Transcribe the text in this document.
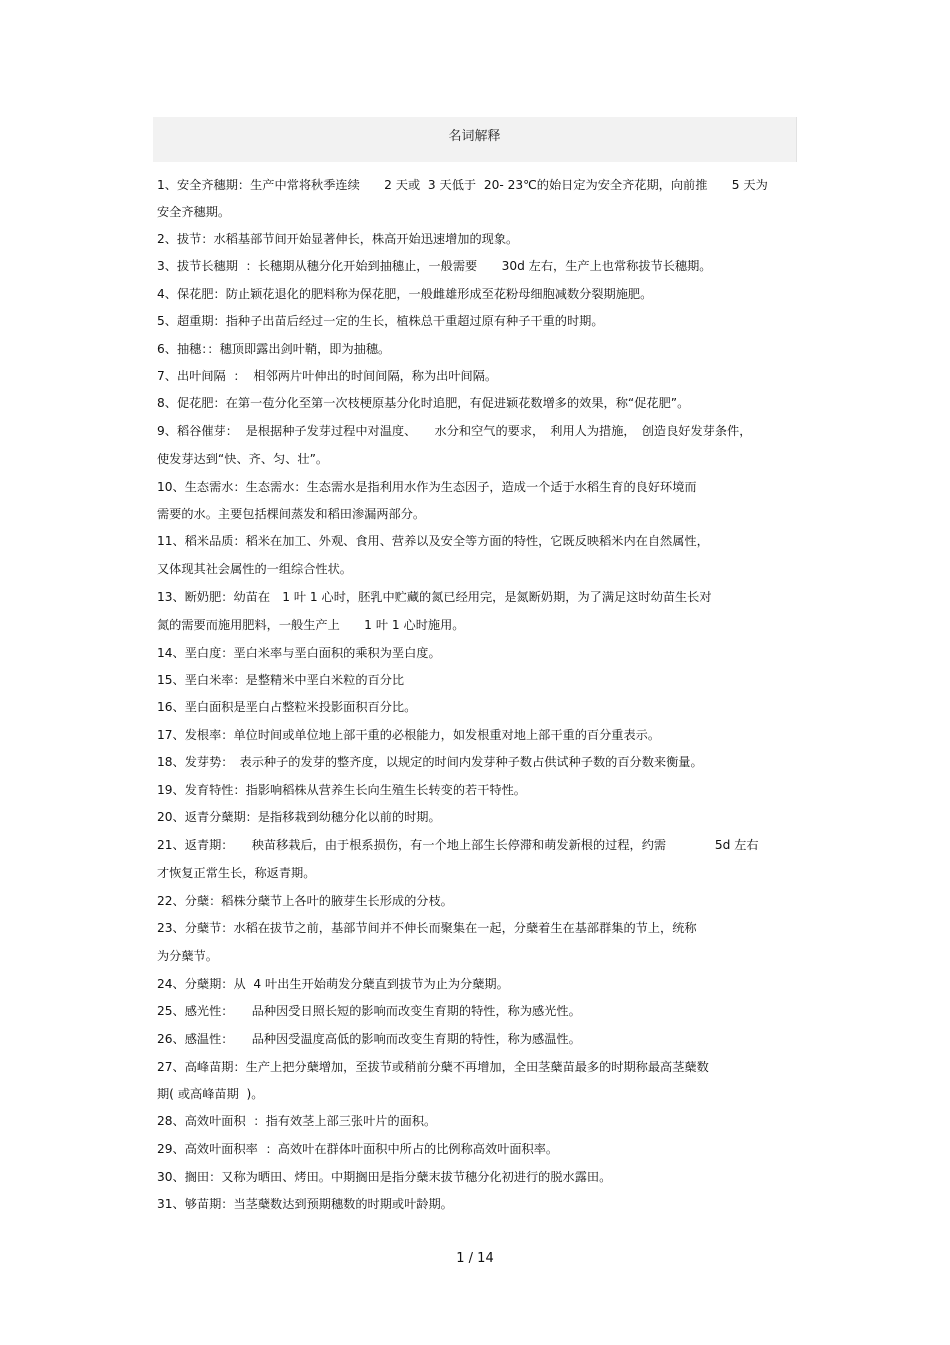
名词解释
1、安全齐穗期：生产中常将秋季连续　　2 天或  3 天低于  20- 23℃的始日定为安全齐花期，向前推　　5 天为
安全齐穗期。
2、拔节：水稻基部节间开始显著伸长，株高开始迅速增加的现象。
3、拔节长穗期  ：长穗期从穗分化开始到抽穗止，一般需要　　30d 左右，生产上也常称拔节长穗期。
4、保花肥：防止颖花退化的肥料称为保花肥，一般雌雄形成至花粉母细胞减数分裂期施肥。
5、超重期：指种子出苗后经过一定的生长，植株总干重超过原有种子干重的时期。
6、抽穗：：穗顶即露出剑叶鞘，即为抽穗。
7、出叶间隔  ：  相邻两片叶伸出的时间间隔，称为出叶间隔。
8、促花肥：在第一苞分化至第一次枝梗原基分化时追肥，有促进颖花数增多的效果，称“促花肥”。
9、稻谷催芽：  是根据种子发芽过程中对温度、　　水分和空气的要求，　利用人为措施，　创造良好发芽条件，
使发芽达到“快、齐、匀、壮”。
10、生态需水：生态需水：生态需水是指利用水作为生态因子，造成一个适于水稻生育的良好环境而
需要的水。主要包括棵间蒸发和稻田渗漏两部分。
11、稻米品质：稻米在加工、外观、食用、营养以及安全等方面的特性，它既反映稻米内在自然属性，
又体现其社会属性的一组综合性状。
13、断奶肥：幼苗在　1 叶 1 心时，胚乳中贮藏的氮已经用完，是氮断奶期，为了满足这时幼苗生长对
氮的需要而施用肥料，一般生产上　　1 叶 1 心时施用。
14、垩白度：垩白米率与垩白面积的乘积为垩白度。
15、垩白米率：是整精米中垩白米粒的百分比
16、垩白面积是垩白占整粒米投影面积百分比。
17、发根率：单位时间或单位地上部干重的必根能力，如发根重对地上部干重的百分重表示。
18、发芽势：　表示种子的发芽的整齐度，以规定的时间内发芽种子数占供试种子数的百分数来衡量。
19、发育特性：指影响稻株从营养生长向生殖生长转变的若干特性。
20、返青分蘖期：是指移栽到幼穗分化以前的时期。
21、返青期：　　秧苗移栽后，由于根系损伤，有一个地上部生长停滞和萌发新根的过程，约需　　　　5d 左右
才恢复正常生长，称返青期。
22、分蘖：稻株分蘖节上各叶的腋芽生长形成的分枝。
23、分蘖节：水稻在拔节之前，基部节间并不伸长而聚集在一起，分蘖着生在基部群集的节上，统称
为分蘖节。
24、分蘖期：从  4 叶出生开始萌发分蘖直到拔节为止为分蘖期。
25、感光性：　　品种因受日照长短的影响而改变生育期的特性，称为感光性。
26、感温性：　　品种因受温度高低的影响而改变生育期的特性，称为感温性。
27、高峰苗期：生产上把分蘖增加，至拔节或稍前分蘖不再增加，全田茎蘖苗最多的时期称最高茎蘖数
期( 或高峰苗期  )。
28、高效叶面积  ：指有效茎上部三张叶片的面积。
29、高效叶面积率  ：高效叶在群体叶面积中所占的比例称高效叶面积率。
30、搁田：又称为晒田、烤田。中期搁田是指分蘖末拔节穗分化初进行的脱水露田。
31、够苗期：当茎蘖数达到预期穗数的时期或叶龄期。
1 / 14
